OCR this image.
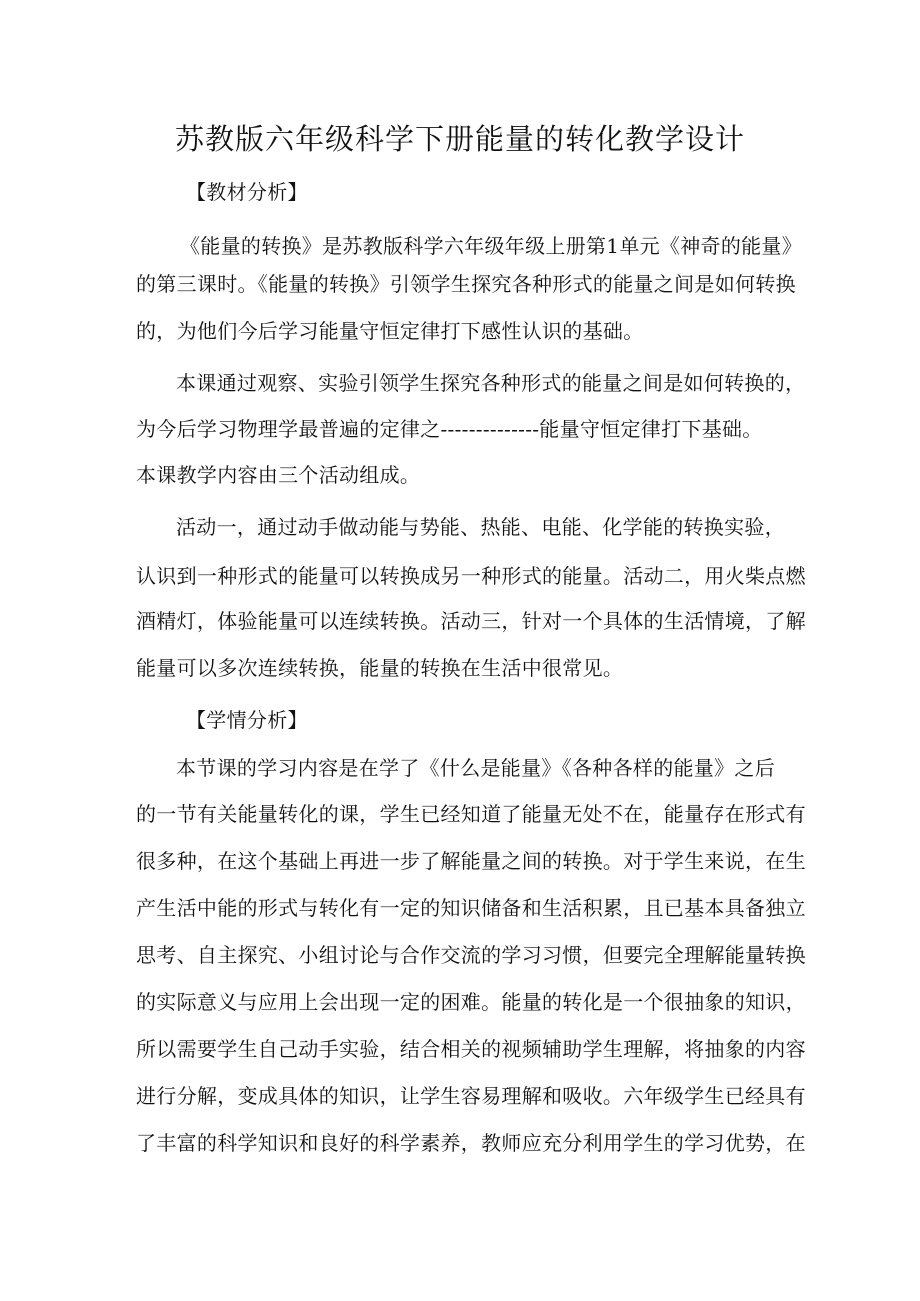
苏教版六年级科学下册能量的转化教学设计
【教材分析】
《能量的转换》是苏教版科学六年级年级上册第1单元《神奇的能量》
的第三课时。《能量的转换》引领学生探究各种形式的能量之间是如何转换
的，为他们今后学习能量守恒定律打下感性认识的基础。
本课通过观察、实验引领学生探究各种形式的能量之间是如何转换的，
为今后学习物理学最普遍的定律之--------------能量守恒定律打下基础。
本课教学内容由三个活动组成。
活动一，通过动手做动能与势能、热能、电能、化学能的转换实验，
认识到一种形式的能量可以转换成另一种形式的能量。活动二，用火柴点燃
酒精灯，体验能量可以连续转换。活动三，针对一个具体的生活情境，了解
能量可以多次连续转换，能量的转换在生活中很常见。
【学情分析】
本节课的学习内容是在学了《什么是能量》《各种各样的能量》之后
的一节有关能量转化的课，学生已经知道了能量无处不在，能量存在形式有
很多种，在这个基础上再进一步了解能量之间的转换。对于学生来说，在生
产生活中能的形式与转化有一定的知识储备和生活积累，且已基本具备独立
思考、自主探究、小组讨论与合作交流的学习习惯，但要完全理解能量转换
的实际意义与应用上会出现一定的困难。能量的转化是一个很抽象的知识，
所以需要学生自己动手实验，结合相关的视频辅助学生理解，将抽象的内容
进行分解，变成具体的知识，让学生容易理解和吸收。六年级学生已经具有
了丰富的科学知识和良好的科学素养，教师应充分利用学生的学习优势，在
